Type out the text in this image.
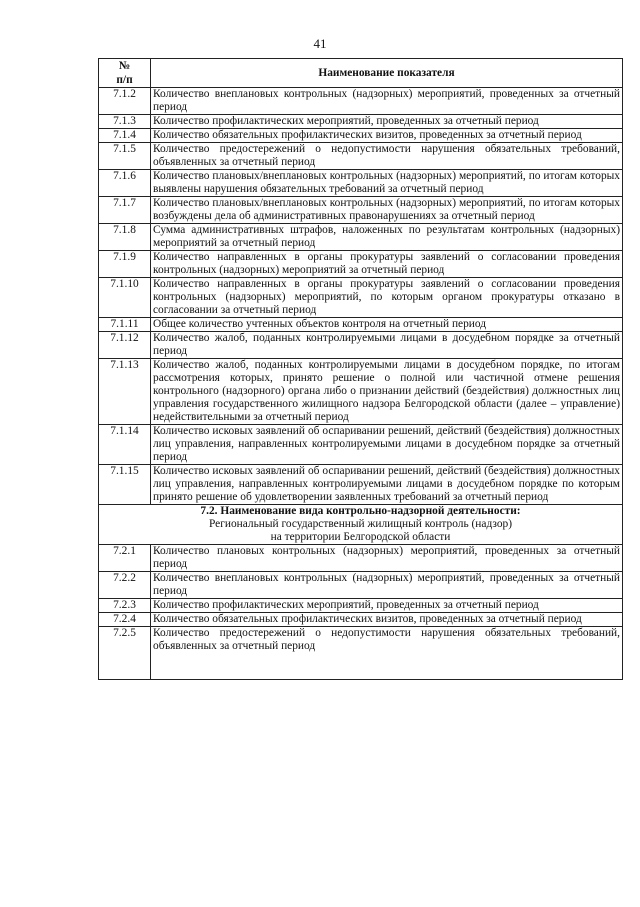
41
№
п/п	Наименование показателя
7.1.2	Количество внеплановых контрольных (надзорных) мероприятий, проведенных за отчетный период
7.1.3	Количество профилактических мероприятий, проведенных за отчетный период
7.1.4	Количество обязательных профилактических визитов, проведенных за отчетный период
7.1.5	Количество предостережений о недопустимости нарушения обязательных требований, объявленных за отчетный период
7.1.6	Количество плановых/внеплановых контрольных (надзорных) мероприятий, по итогам которых выявлены нарушения обязательных требований за отчетный период
7.1.7	Количество плановых/внеплановых контрольных (надзорных) мероприятий, по итогам которых возбуждены дела об административных правонарушениях за отчетный период
7.1.8	Сумма административных штрафов, наложенных по результатам контрольных (надзорных) мероприятий за отчетный период
7.1.9	Количество направленных в органы прокуратуры заявлений о согласовании проведения контрольных (надзорных) мероприятий за отчетный период
7.1.10	Количество направленных в органы прокуратуры заявлений о согласовании проведения контрольных (надзорных) мероприятий, по которым органом прокуратуры отказано в согласовании за отчетный период
7.1.11	Общее количество учтенных объектов контроля на отчетный период
7.1.12	Количество жалоб, поданных контролируемыми лицами в досудебном порядке за отчетный период
7.1.13	Количество жалоб, поданных контролируемыми лицами в досудебном порядке, по итогам рассмотрения которых, принято решение о полной или частичной отмене решения контрольного (надзорного) органа либо о признании действий (бездействия) должностных лиц управления государственного жилищного надзора Белгородской области (далее – управление) недействительными за отчетный период
7.1.14	Количество исковых заявлений об оспаривании решений, действий (бездействия) должностных лиц управления, направленных контролируемыми лицами в досудебном порядке за отчетный период
7.1.15	Количество исковых заявлений об оспаривании решений, действий (бездействия) должностных лиц управления, направленных контролируемыми лицами в досудебном порядке по которым принято решение об удовлетворении заявленных требований за отчетный период

7.2. Наименование вида контрольно-надзорной деятельности:
Региональный государственный жилищный контроль (надзор)
на территории Белгородской области	

7.2.1	Количество плановых контрольных (надзорных) мероприятий, проведенных за отчетный период
7.2.2	Количество внеплановых контрольных (надзорных) мероприятий, проведенных за отчетный период
7.2.3	Количество профилактических мероприятий, проведенных за отчетный период
7.2.4	Количество обязательных профилактических визитов, проведенных за отчетный период
7.2.5	Количество предостережений о недопустимости нарушения обязательных требований, объявленных за отчетный период
